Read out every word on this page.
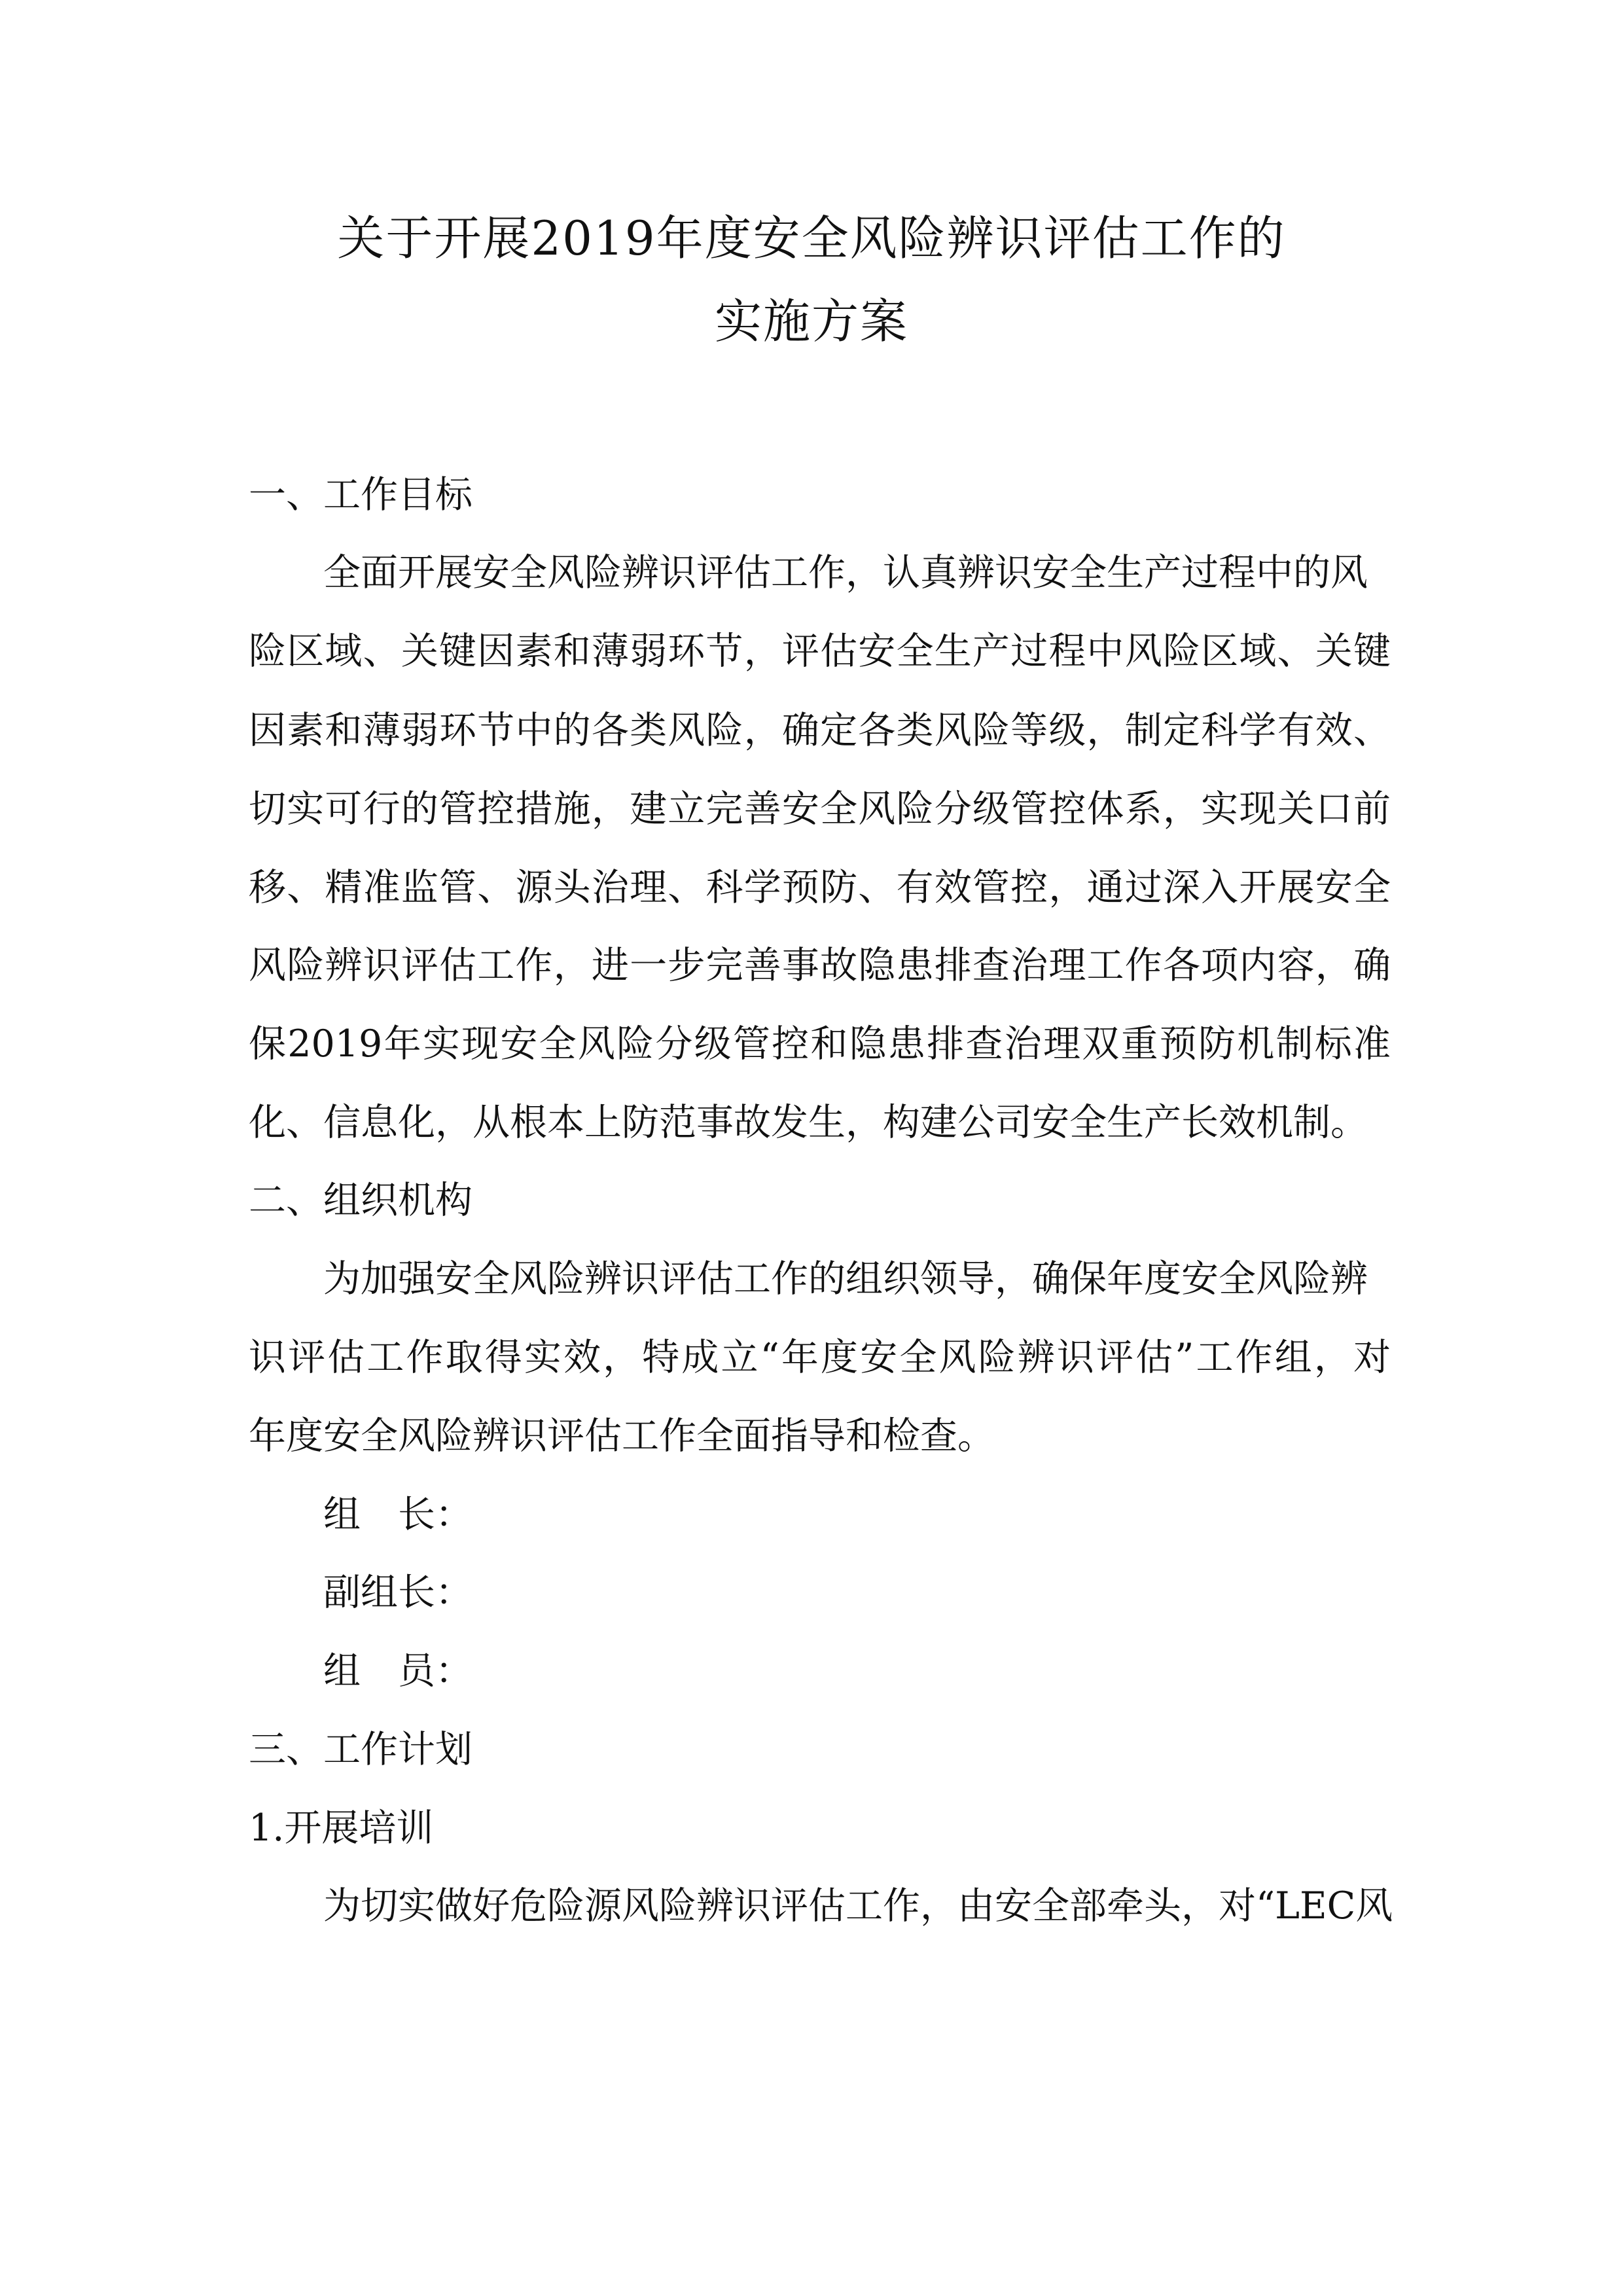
关于开展2019年度安全风险辨识评估工作的
实施方案
一、工作目标
全面开展安全风险辨识评估工作，认真辨识安全生产过程中的风
险区域、关键因素和薄弱环节，评估安全生产过程中风险区域、关键
因素和薄弱环节中的各类风险，确定各类风险等级，制定科学有效、
切实可行的管控措施，建立完善安全风险分级管控体系，实现关口前
移、精准监管、源头治理、科学预防、有效管控，通过深入开展安全
风险辨识评估工作，进一步完善事故隐患排查治理工作各项内容，确
保2019年实现安全风险分级管控和隐患排查治理双重预防机制标准
化、信息化，从根本上防范事故发生，构建公司安全生产长效机制。
二、组织机构
为加强安全风险辨识评估工作的组织领导，确保年度安全风险辨
识评估工作取得实效，特成立“年度安全风险辨识评估”工作组，对
年度安全风险辨识评估工作全面指导和检查。
组 长：
副组长：
组 员：
三、工作计划
1.开展培训
为切实做好危险源风险辨识评估工作，由安全部牵头，对“LEC风
